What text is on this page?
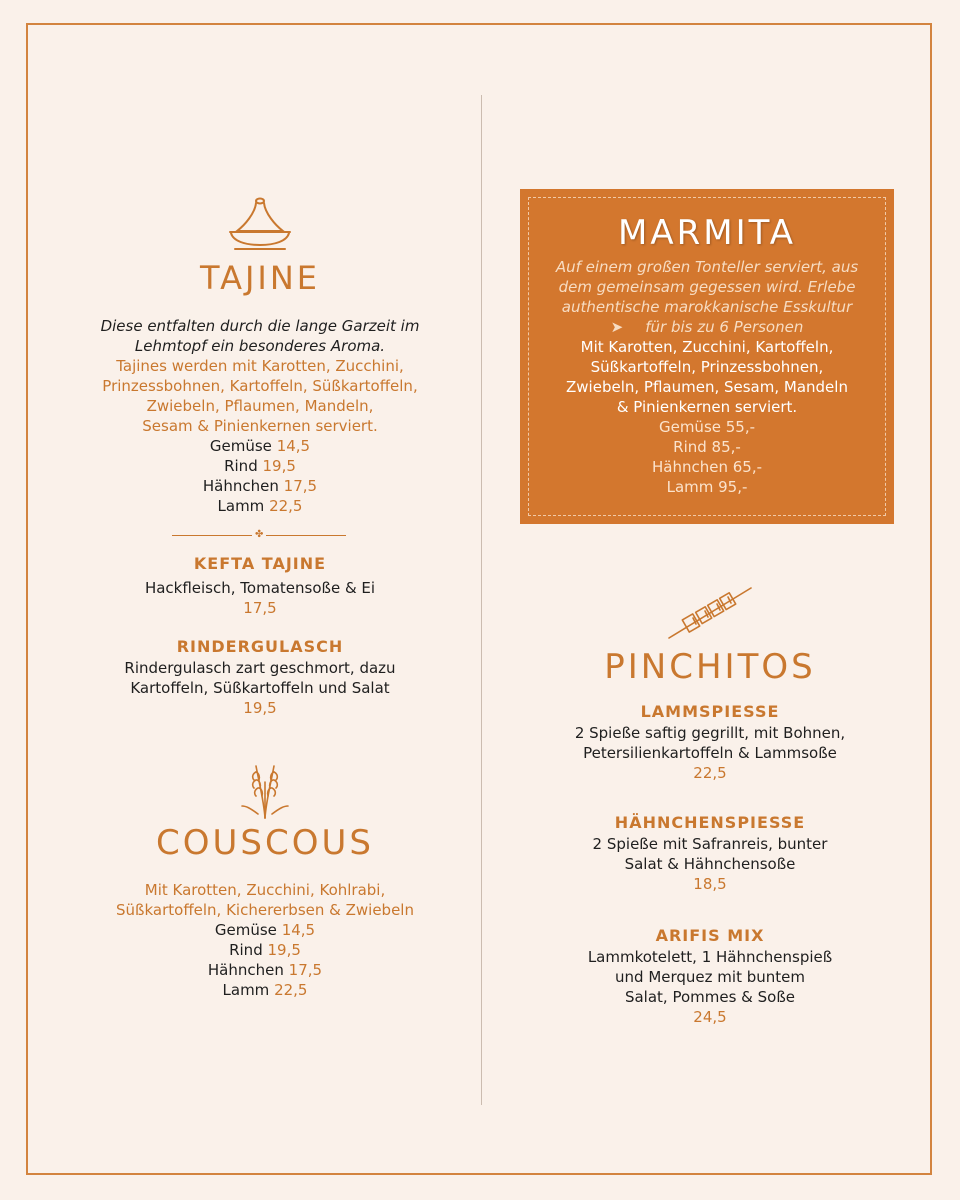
TAJINE
Diese entfalten durch die lange Garzeit im
Lehmtopf ein besonderes Aroma.
Tajines werden mit Karotten, Zucchini,
Prinzessbohnen, Kartoffeln, Süßkartoffeln,
Zwiebeln, Pflaumen, Mandeln,
Sesam & Pinienkernen serviert.
Gemüse 14,5
Rind 19,5
Hähnchen 17,5
Lamm 22,5
✤
KEFTA TAJINE
Hackfleisch, Tomatensoße & Ei
17,5
RINDERGULASCH
Rindergulasch zart geschmort, dazu
Kartoffeln, Süßkartoffeln und Salat
19,5
COUSCOUS
Mit Karotten, Zucchini, Kohlrabi,
Süßkartoffeln, Kichererbsen & Zwiebeln
Gemüse 14,5
Rind 19,5
Hähnchen 17,5
Lamm 22,5
MARMITA
Auf einem großen Tonteller serviert, aus
dem gemeinsam gegessen wird. Erlebe
authentische marokkanische Esskultur
➤ für bis zu 6 Personen
Mit Karotten, Zucchini, Kartoffeln,
Süßkartoffeln, Prinzessbohnen,
Zwiebeln, Pflaumen, Sesam, Mandeln
& Pinienkernen serviert.
Gemüse 55,-
Rind 85,-
Hähnchen 65,-
Lamm 95,-
PINCHITOS
LAMMSPIESSE
2 Spieße saftig gegrillt, mit Bohnen,
Petersilienkartoffeln & Lammsoße
22,5
HÄHNCHENSPIESSE
2 Spieße mit Safranreis, bunter
Salat & Hähnchensoße
18,5
ARIFIS MIX
Lammkotelett, 1 Hähnchenspieß
und Merquez mit buntem
Salat, Pommes & Soße
24,5
